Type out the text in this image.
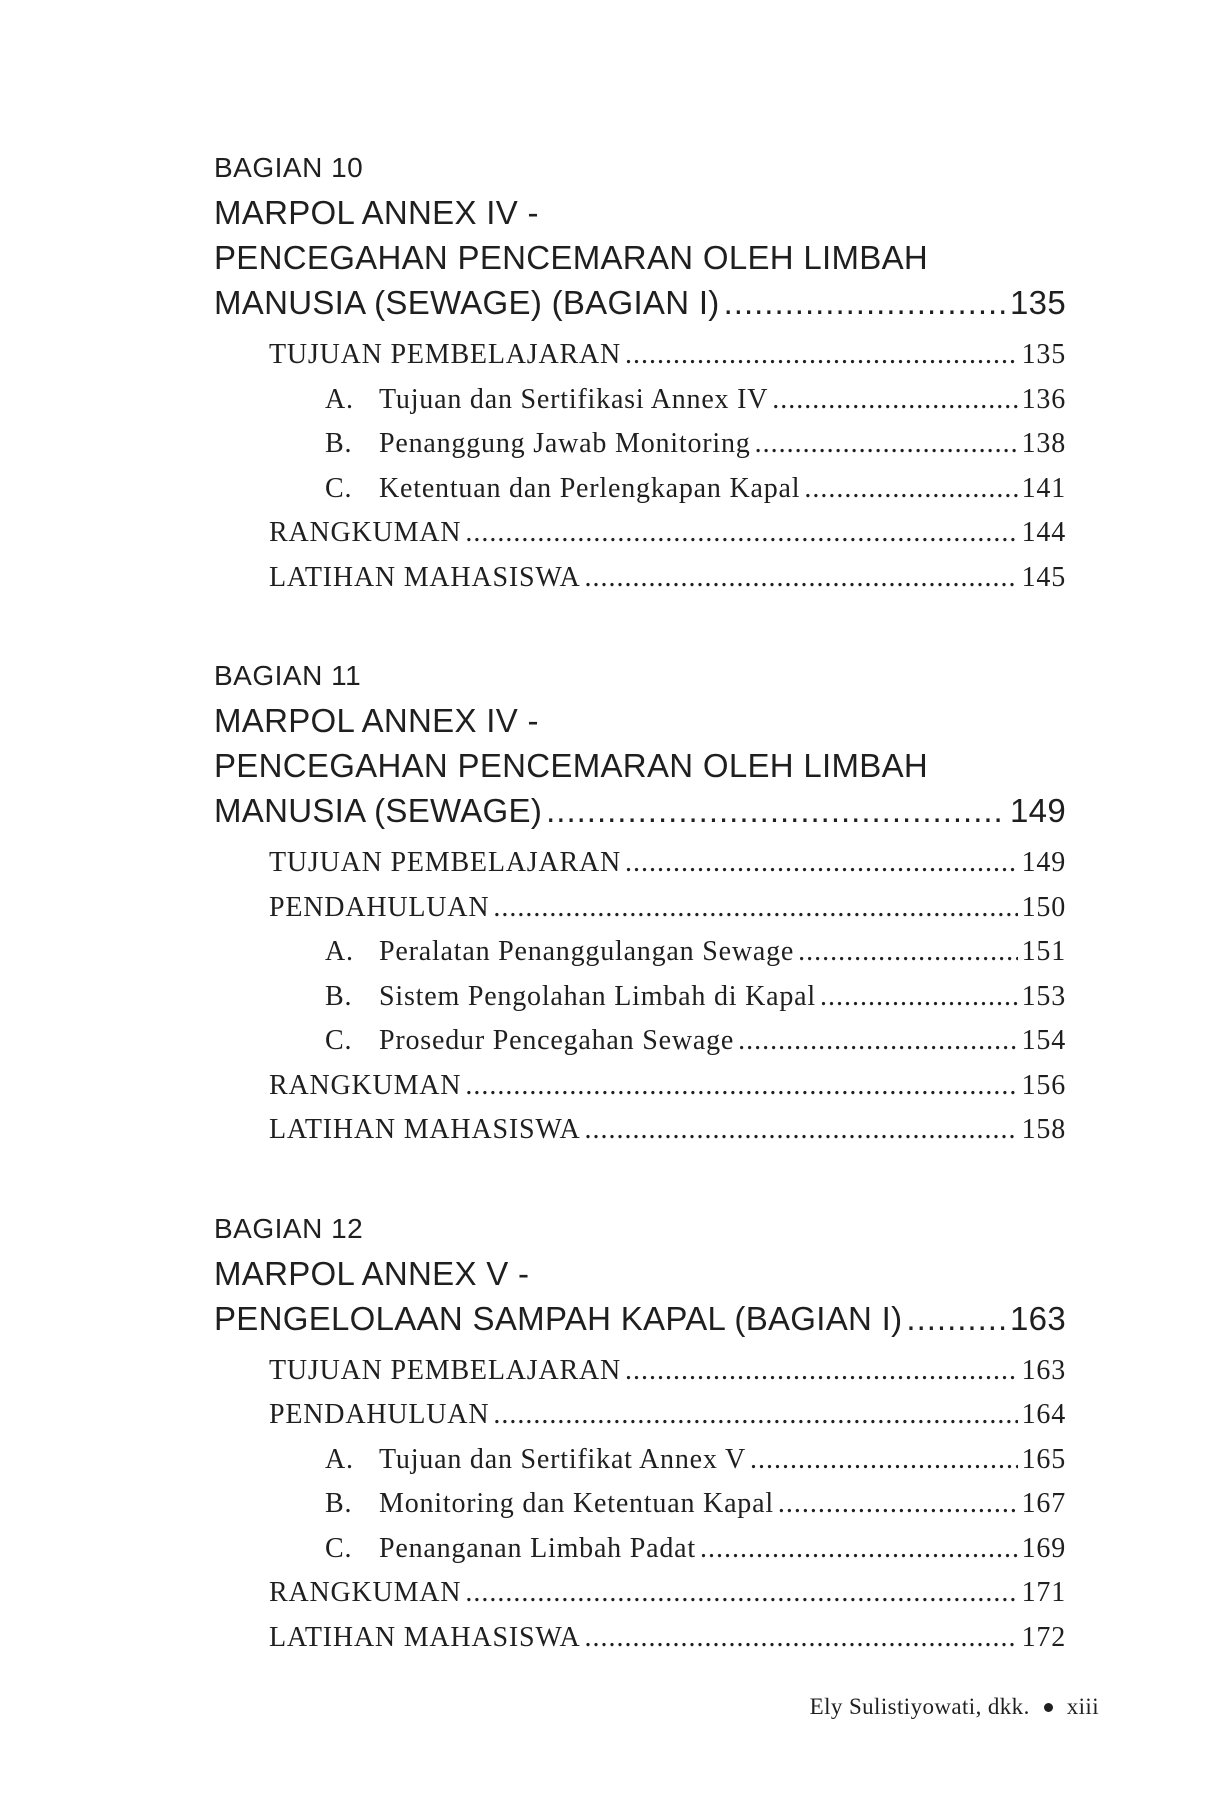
BAGIAN 10
MARPOL ANNEX IV -
PENCEGAHAN PENCEMARAN OLEH LIMBAH
MANUSIA (SEWAGE) (BAGIAN I) .....	135
TUJUAN PEMBELAJARAN .....	135
A. Tujuan dan Sertifikasi Annex IV .....	136
B. Penanggung Jawab Monitoring .....	138
C. Ketentuan dan Perlengkapan Kapal .....	141
RANGKUMAN .....	144
LATIHAN MAHASISWA .....	145
BAGIAN 11
MARPOL ANNEX IV -
PENCEGAHAN PENCEMARAN OLEH LIMBAH
MANUSIA (SEWAGE) .....	149
TUJUAN PEMBELAJARAN .....	149
PENDAHULUAN .....	150
A. Peralatan Penanggulangan Sewage .....	151
B. Sistem Pengolahan Limbah di Kapal .....	153
C. Prosedur Pencegahan Sewage .....	154
RANGKUMAN .....	156
LATIHAN MAHASISWA .....	158
BAGIAN 12
MARPOL ANNEX V -
PENGELOLAAN SAMPAH KAPAL (BAGIAN I) .....	163
TUJUAN PEMBELAJARAN .....	163
PENDAHULUAN .....	164
A. Tujuan dan Sertifikat Annex V .....	165
B. Monitoring dan Ketentuan Kapal .....	167
C. Penanganan Limbah Padat .....	169
RANGKUMAN .....	171
LATIHAN MAHASISWA .....	172
Ely Sulistiyowati, dkk. xiii
